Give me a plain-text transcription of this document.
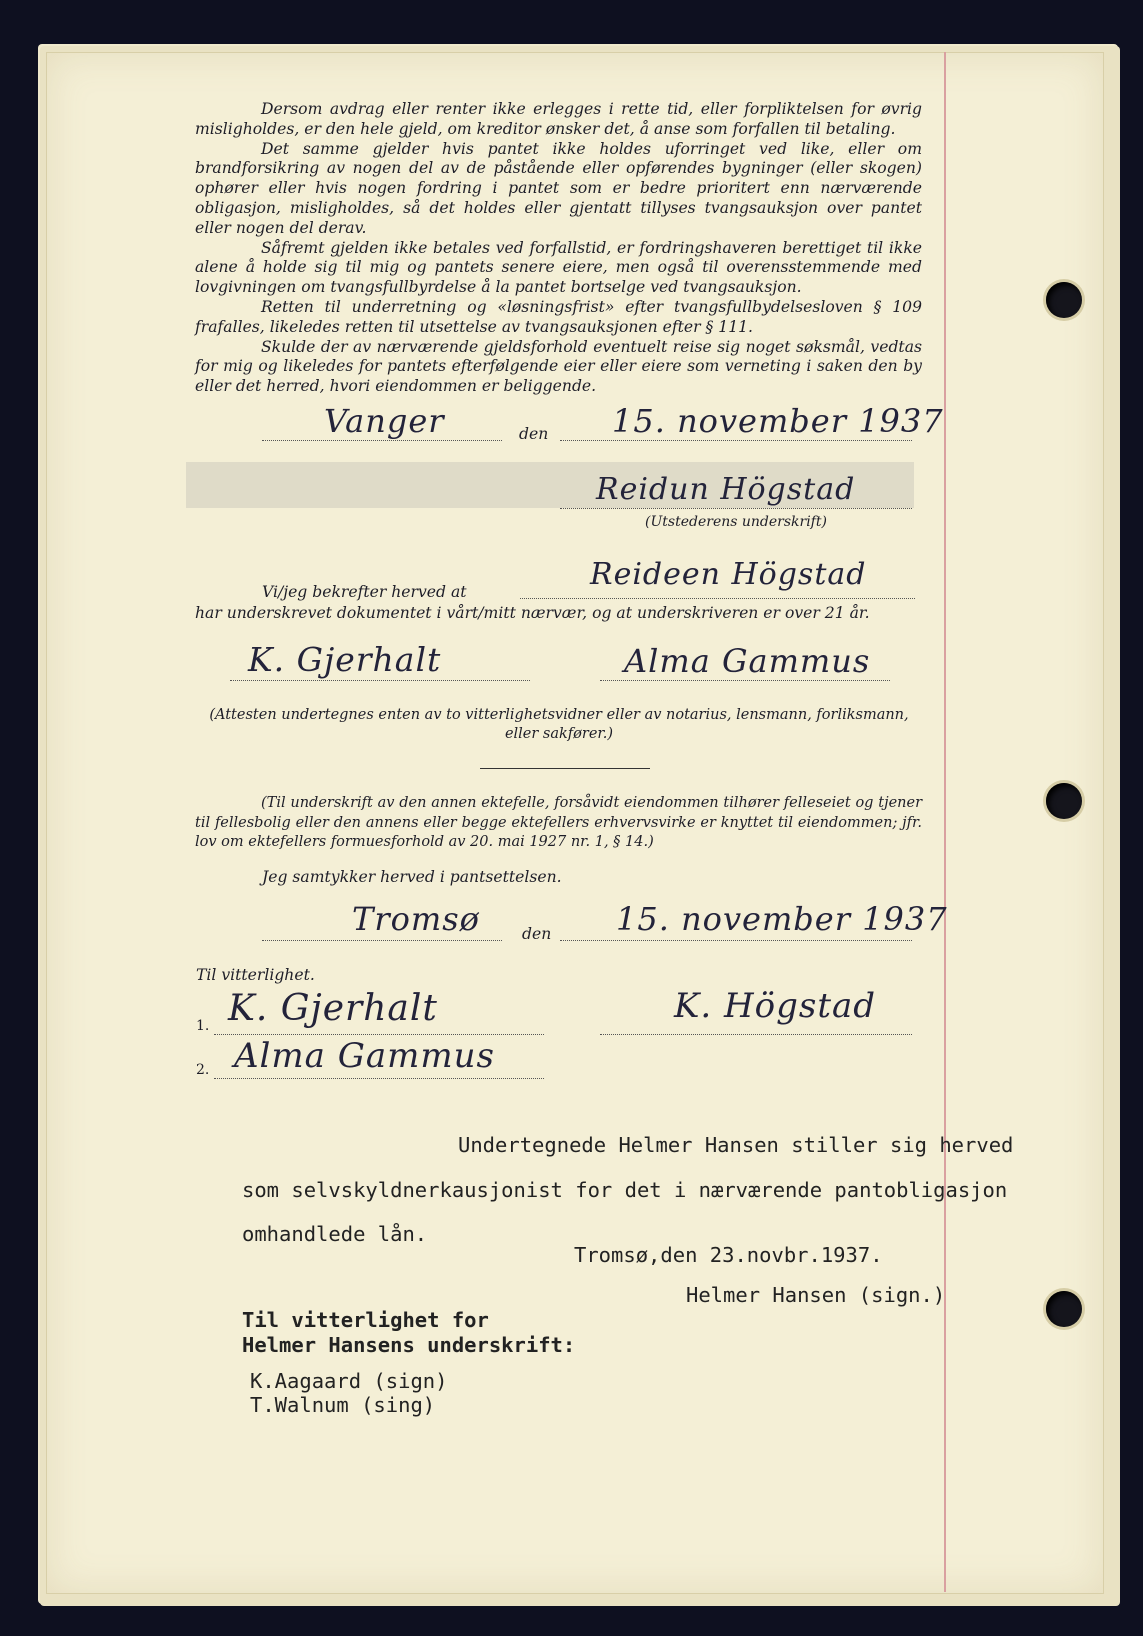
Dersom avdrag eller renter ikke erlegges i rette tid, eller forpliktelsen for øvrig misligholdes, er den hele gjeld, om kreditor ønsker det, å anse som forfallen til betaling.

Det samme gjelder hvis pantet ikke holdes uforringet ved like, eller om brandforsikring av nogen del av de påstående eller opførendes bygninger (eller skogen) ophører eller hvis nogen fordring i pantet som er bedre prioritert enn nærværende obligasjon, misligholdes, så det holdes eller gjentatt tillyses tvangsauksjon over pantet eller nogen del derav.

Såfremt gjelden ikke betales ved forfallstid, er fordringshaveren berettiget til ikke alene å holde sig til mig og pantets senere eiere, men også til overensstemmende med lovgivningen om tvangsfullbyrdelse å la pantet bortselge ved tvangsauksjon.

Retten til underretning og «løsningsfrist» efter tvangsfullbydelsesloven § 109 frafalles, likeledes retten til utsettelse av tvangsauksjonen efter § 111.

Skulde der av nærværende gjeldsforhold eventuelt reise sig noget søksmål, vedtas for mig og likeledes for pantets efterfølgende eier eller eiere som verneting i saken den by eller det herred, hvori eiendommen er beliggende.

Vanger	den 15. november 1937
Reidun Högstad
(Utstederens underskrift)
Vi/jeg bekrefter herved at	Reideen Högstad
har underskrevet dokumentet i vårt/mitt nærvær, og at underskriveren er over 21 år.
K. Gjerhalt	Alma Gammus
(Attesten undertegnes enten av to vitterlighetsvidner eller av notarius, lensmann, forliksmann, eller sakfører.)

(Til underskrift av den annen ektefelle, forsåvidt eiendommen tilhører felleseiet og tjener til fellesbolig eller den annens eller begge ektefellers erhvervsvirke er knyttet til eiendommen; jfr. lov om ektefellers formuesforhold av 20. mai 1927 nr. 1, § 14.)

Jeg samtykker herved i pantsettelsen.
Tromsø	den 15. november 1937
Til vitterlighet.
1. K. Gjerhalt	K. Högstad
2. Alma Gammus
Undertegnede Helmer Hansen stiller sig herved
som selvskyldnerkausjonist for det i nærværende pantobligasjon
omhandlede lån.
Tromsø,den 23.novbr.1937.
Helmer Hansen (sign.)
Til vitterlighet for
Helmer Hansens underskrift:
K.Aagaard (sign)
T.Walnum (sing)
